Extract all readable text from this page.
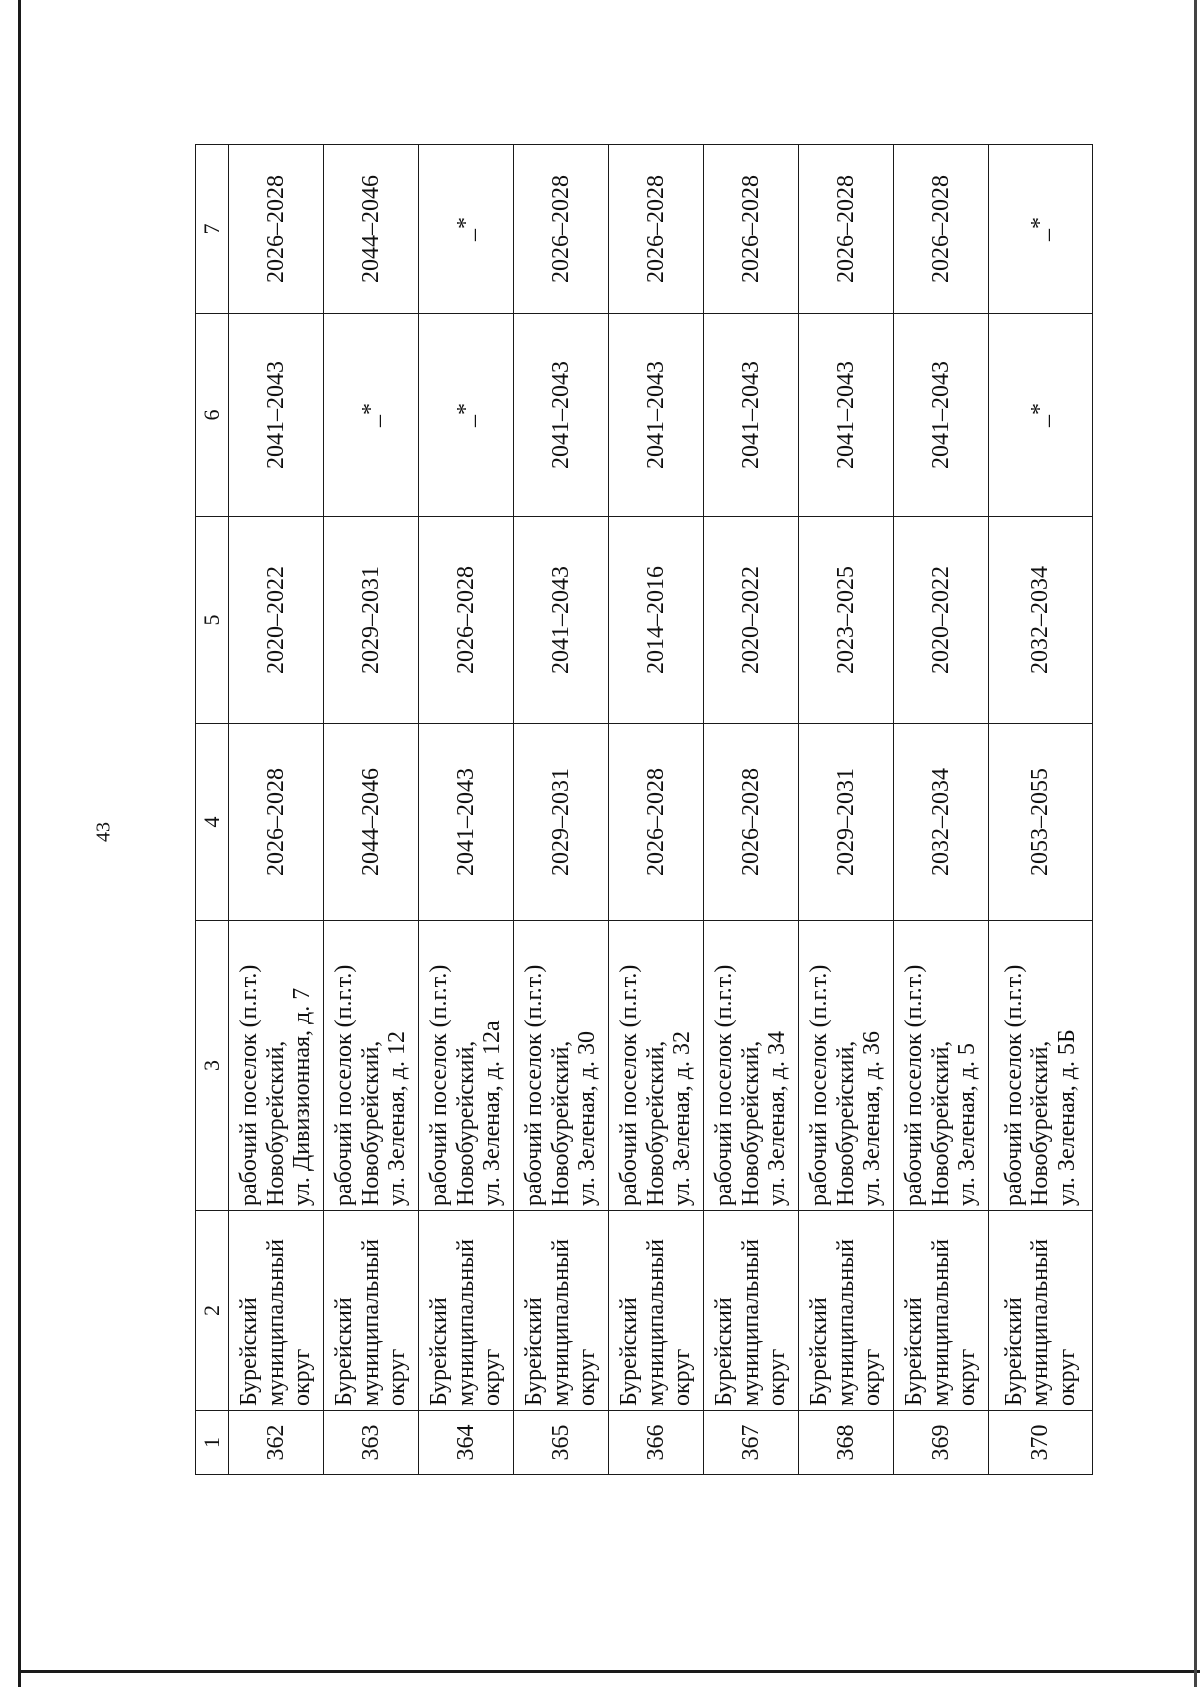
43
1	2	3	4	5	6	7
362	Бурейский муниципальный округ	рабочий поселок (п.г.т.) Новобурейский, ул. Дивизионная, д. 7	2026–2028	2020–2022	2041–2043	2026–2028
363	Бурейский муниципальный округ	рабочий поселок (п.г.т.) Новобурейский, ул. Зеленая, д. 12	2044–2046	2029–2031	_*	2044–2046
364	Бурейский муниципальный округ	рабочий поселок (п.г.т.) Новобурейский, ул. Зеленая, д. 12а	2041–2043	2026–2028	_*	_*
365	Бурейский муниципальный округ	рабочий поселок (п.г.т.) Новобурейский, ул. Зеленая, д. 30	2029–2031	2041–2043	2041–2043	2026–2028
366	Бурейский муниципальный округ	рабочий поселок (п.г.т.) Новобурейский, ул. Зеленая, д. 32	2026–2028	2014–2016	2041–2043	2026–2028
367	Бурейский муниципальный округ	рабочий поселок (п.г.т.) Новобурейский, ул. Зеленая, д. 34	2026–2028	2020–2022	2041–2043	2026–2028
368	Бурейский муниципальный округ	рабочий поселок (п.г.т.) Новобурейский, ул. Зеленая, д. 36	2029–2031	2023–2025	2041–2043	2026–2028
369	Бурейский муниципальный округ	рабочий поселок (п.г.т.) Новобурейский, ул. Зеленая, д. 5	2032–2034	2020–2022	2041–2043	2026–2028
370	Бурейский муниципальный округ	рабочий поселок (п.г.т.) Новобурейский, ул. Зеленая, д. 5Б	2053–2055	2032–2034	_*	_*
